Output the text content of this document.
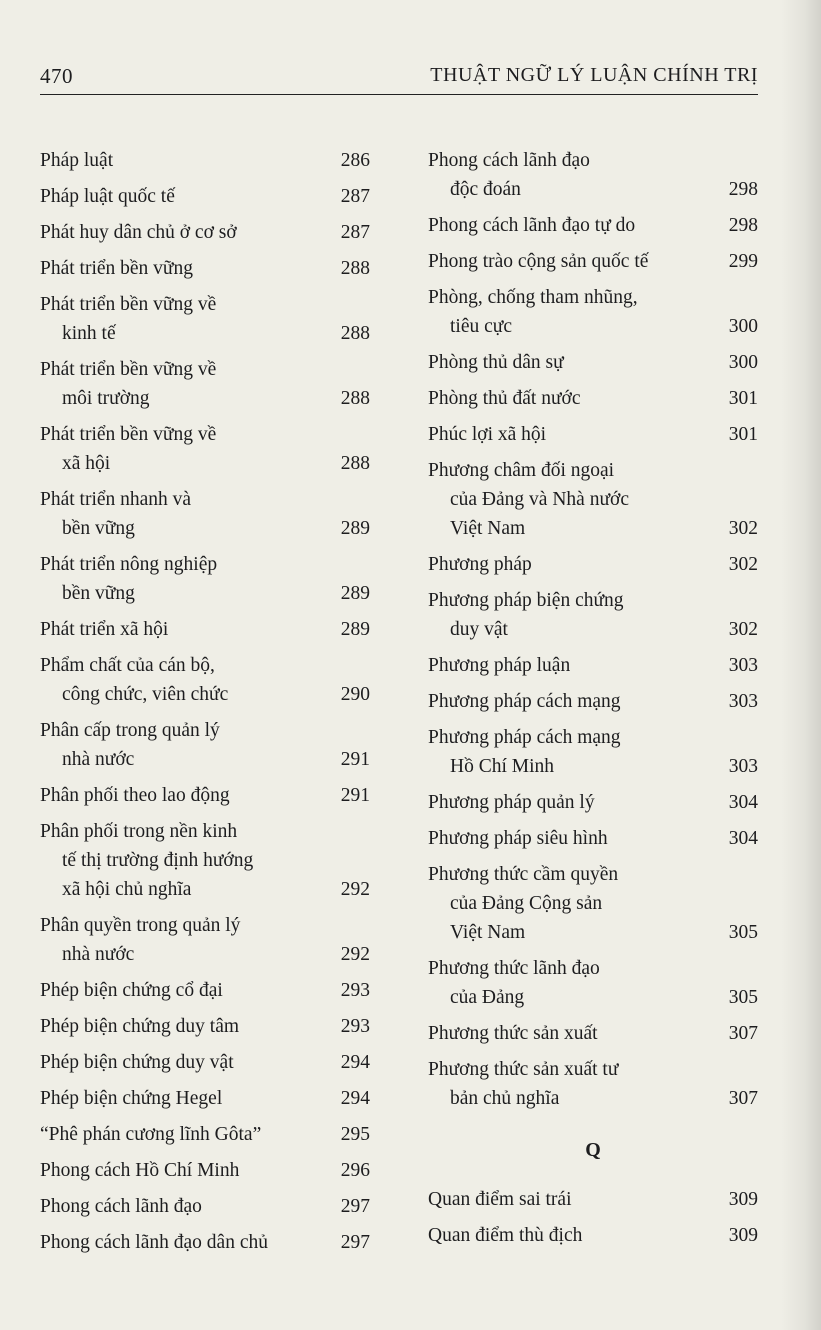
470	THUẬT NGỮ LÝ LUẬN CHÍNH TRỊ
Pháp luật	286
Pháp luật quốc tế	287
Phát huy dân chủ ở cơ sở	287
Phát triển bền vững	288
Phát triển bền vững về
kinh tế	288
Phát triển bền vững về
môi trường	288
Phát triển bền vững về
xã hội	288
Phát triển nhanh và
bền vững	289
Phát triển nông nghiệp
bền vững	289
Phát triển xã hội	289
Phẩm chất của cán bộ,
công chức, viên chức	290
Phân cấp trong quản lý
nhà nước	291
Phân phối theo lao động	291
Phân phối trong nền kinh
tế thị trường định hướng
xã hội chủ nghĩa	292
Phân quyền trong quản lý
nhà nước	292
Phép biện chứng cổ đại	293
Phép biện chứng duy tâm	293
Phép biện chứng duy vật	294
Phép biện chứng Hegel	294
“Phê phán cương lĩnh Gôta”	295
Phong cách Hồ Chí Minh	296
Phong cách lãnh đạo	297
Phong cách lãnh đạo dân chủ	297
Phong cách lãnh đạo
độc đoán	298
Phong cách lãnh đạo tự do	298
Phong trào cộng sản quốc tế	299
Phòng, chống tham nhũng,
tiêu cực	300
Phòng thủ dân sự	300
Phòng thủ đất nước	301
Phúc lợi xã hội	301
Phương châm đối ngoại
của Đảng và Nhà nước
Việt Nam	302
Phương pháp	302
Phương pháp biện chứng
duy vật	302
Phương pháp luận	303
Phương pháp cách mạng	303
Phương pháp cách mạng
Hồ Chí Minh	303
Phương pháp quản lý	304
Phương pháp siêu hình	304
Phương thức cầm quyền
của Đảng Cộng sản
Việt Nam	305
Phương thức lãnh đạo
của Đảng	305
Phương thức sản xuất	307
Phương thức sản xuất tư
bản chủ nghĩa	307
Q
Quan điểm sai trái	309
Quan điểm thù địch	309
